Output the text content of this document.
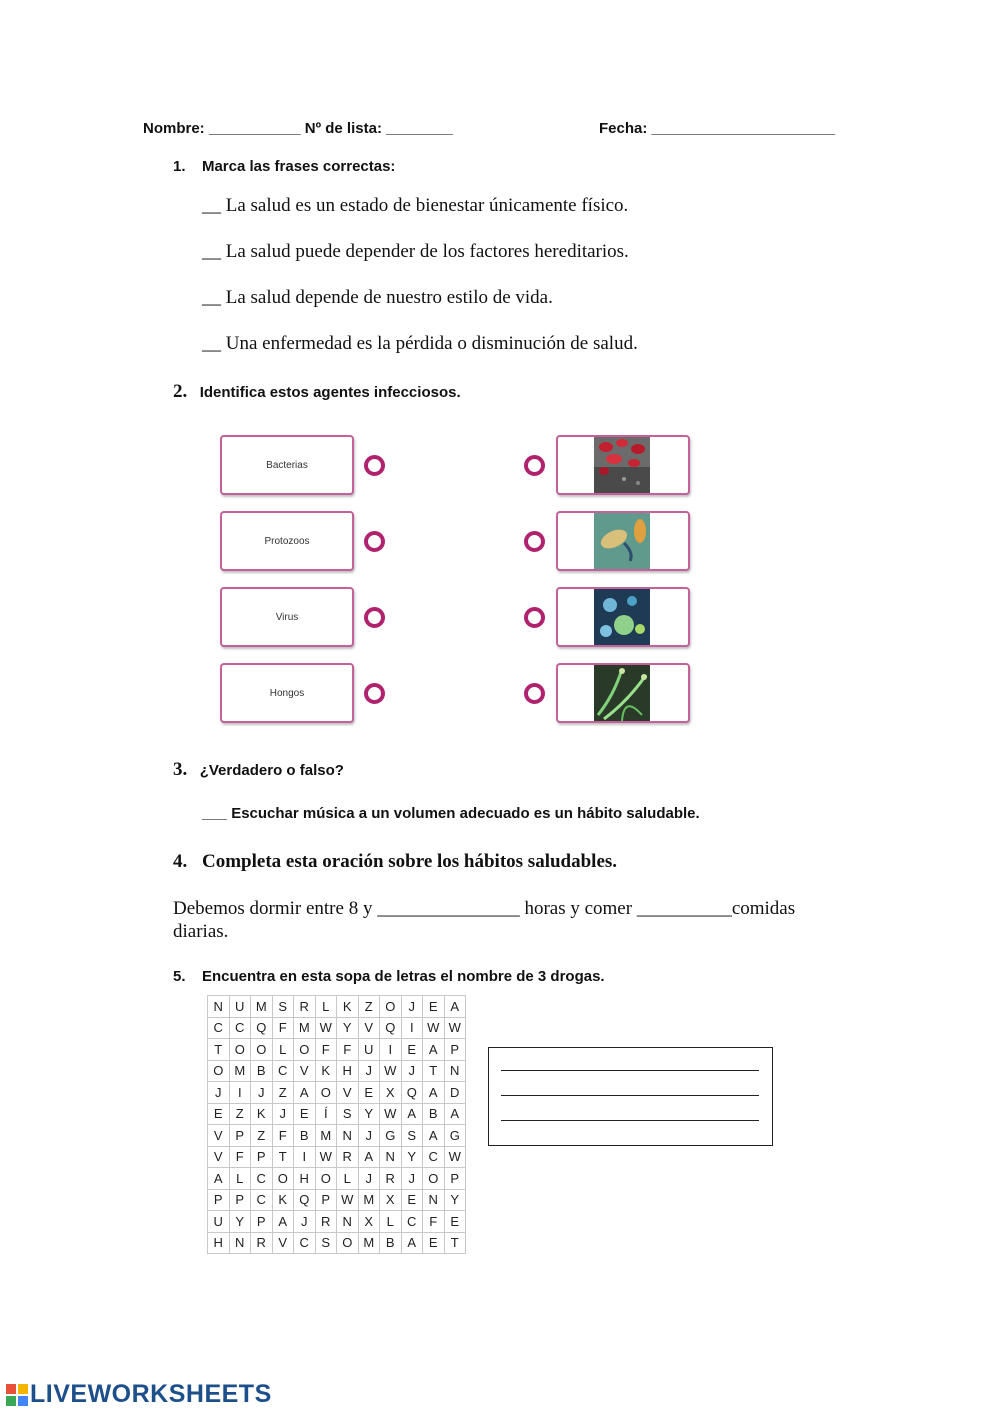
Nombre: ___________ Nº de lista: ________	Fecha: ______________________
1. Marca las frases correctas:
__ La salud es un estado de bienestar únicamente físico.
__ La salud puede depender de los factores hereditarios.
__ La salud depende de nuestro estilo de vida.
__ Una enfermedad es la pérdida o disminución de salud.
2. Identifica estos agentes infecciosos.
Bacterias
Protozoos
Virus
Hongos
3. ¿Verdadero o falso?
___ Escuchar música a un volumen adecuado es un hábito saludable.
4. Completa esta oración sobre los hábitos saludables.
Debemos dormir entre 8 y _______________ horas y comer __________comidas
diarias.
5. Encuentra en esta sopa de letras el nombre de 3 drogas.
N	U	M	S	R	L	K	Z	O	J	E	A
C	C	Q	F	M	W	Y	V	Q	I	W	W
T	O	O	L	O	F	F	U	I	E	A	P
O	M	B	C	V	K	H	J	W	J	T	N
J	I	J	Z	A	O	V	E	X	Q	A	D
E	Z	K	J	E	Í	S	Y	W	A	B	A
V	P	Z	F	B	M	N	J	G	S	A	G
V	F	P	T	I	W	R	A	N	Y	C	W
A	L	C	O	H	O	L	J	R	J	O	P
P	P	C	K	Q	P	W	M	X	E	N	Y
U	Y	P	A	J	R	N	X	L	C	F	E
H	N	R	V	C	S	O	M	B	A	E	T
LIVEWORKSHEETS
